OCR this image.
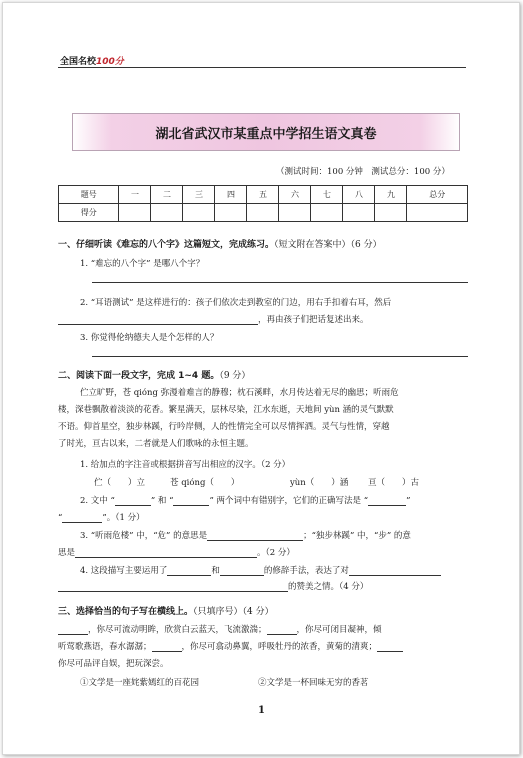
全国名校100分
湖北省武汉市某重点中学招生语文真卷
（测试时间：100 分钟　测试总分：100 分）
题号	一	二	三	四	五	六	七	八	九	总分
得分										
一、仔细听读《难忘的八个字》这篇短文，完成练习。（短文附在答案中）（6 分）
1. “难忘的八个字” 是哪八个字？
2. “耳语测试” 是这样进行的：孩子们依次走到教室的门边，用右手扣着右耳，然后
，再由孩子们把话复述出来。
3. 你觉得伦纳德夫人是个怎样的人？
二、阅读下面一段文字，完成 1~4 题。（9 分）
伫立旷野，苍 qióng 弥漫着难言的静穆；枕石溪畔，水月传达着无尽的幽思；听雨危
楼，深巷飘散着淡淡的花香。繁星满天，层林尽染，江水东逝，天地间 yùn 涵的灵气默默
不语。仰首星空，独步林蹊，行吟岸侧，人的性情完全可以尽情挥洒。灵气与性情，穿越
了时光，亘古以来，二者就是人们歌咏的永恒主题。
1. 给加点的字注音或根据拼音写出相应的汉字。（2 分）
伫（　　）立	苍 qióng（　　）	yùn（　　）涵 亘（　　）古
2. 文中 “	” 和 “	” 两个词中有错别字，它们的正确写法是 “	”
“	”。（1 分）
3. “听雨危楼” 中，“危” 的意思是	；“独步林蹊” 中，“步” 的意
思是	。（2 分）
4. 这段描写主要运用了	和	的修辞手法，表达了对
的赞美之情。（4 分）
三、选择恰当的句子写在横线上。（只填序号）（4 分）
，你尽可流动明眸，欣赏白云蓝天，飞流激湍；	，你尽可闭目凝神，倾
听莺歌燕语，春水潺潺；	，你尽可翕动鼻翼，呼吸牡丹的浓香，黄菊的清爽；
你尽可品评自娱，把玩深尝。
①文学是一座姹紫嫣红的百花园	②文学是一杯回味无穷的香茗
1
